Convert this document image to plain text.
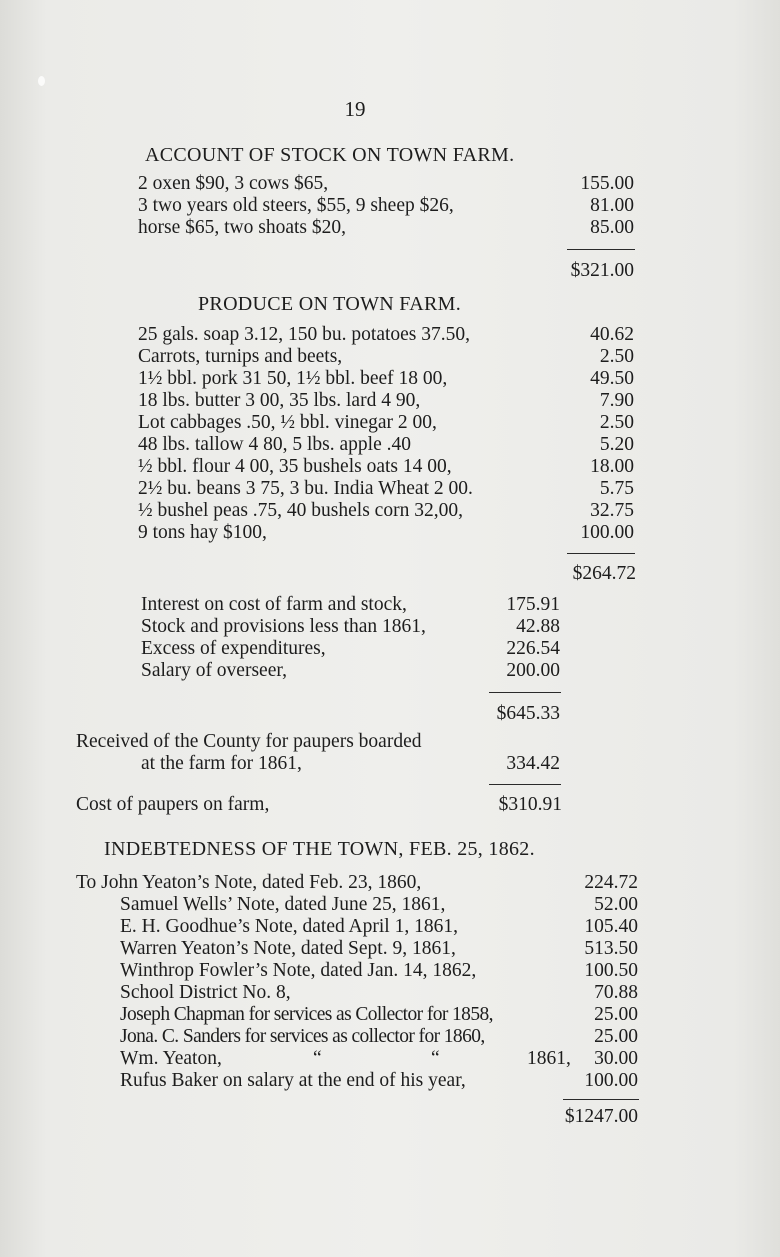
19
ACCOUNT OF STOCK ON TOWN FARM.
2 oxen $90, 3 cows $65,	155.00
3 two years old steers, $55, 9 sheep $26,	81.00
horse $65, two shoats $20,	85.00
$321.00
PRODUCE ON TOWN FARM.
25 gals. soap 3.12, 150 bu. potatoes 37.50,	40.62
Carrots, turnips and beets,	2.50
1½ bbl. pork 31 50, 1½ bbl. beef 18 00,	49.50
18 lbs. butter 3 00, 35 lbs. lard 4 90,	7.90
Lot cabbages .50, ½ bbl. vinegar 2 00,	2.50
48 lbs. tallow 4 80, 5 lbs. apple .40	5.20
½ bbl. flour 4 00, 35 bushels oats 14 00,	18.00
2½ bu. beans 3 75, 3 bu. India Wheat 2 00.	5.75
½ bushel peas .75, 40 bushels corn 32,00,	32.75
9 tons hay $100,	100.00
$264.72
Interest on cost of farm and stock,	175.91
Stock and provisions less than 1861,	42.88
Excess of expenditures,	226.54
Salary of overseer,	200.00
$645.33
Received of the County for paupers boarded
at the farm for 1861,	334.42
Cost of paupers on farm,	$310.91
INDEBTEDNESS OF THE TOWN, FEB. 25, 1862.
To John Yeaton’s Note, dated Feb. 23, 1860,	224.72
Samuel Wells’ Note, dated June 25, 1861,	52.00
E. H. Goodhue’s Note, dated April 1, 1861,	105.40
Warren Yeaton’s Note, dated Sept. 9, 1861,	513.50
Winthrop Fowler’s Note, dated Jan. 14, 1862,	100.50
School District No. 8,	70.88
Joseph Chapman for services as Collector for 1858,	25.00
Jona. C. Sanders for services as collector for 1860,	25.00
Wm. Yeaton,	“	“	1861,	30.00
Rufus Baker on salary at the end of his year,	100.00
$1247.00
